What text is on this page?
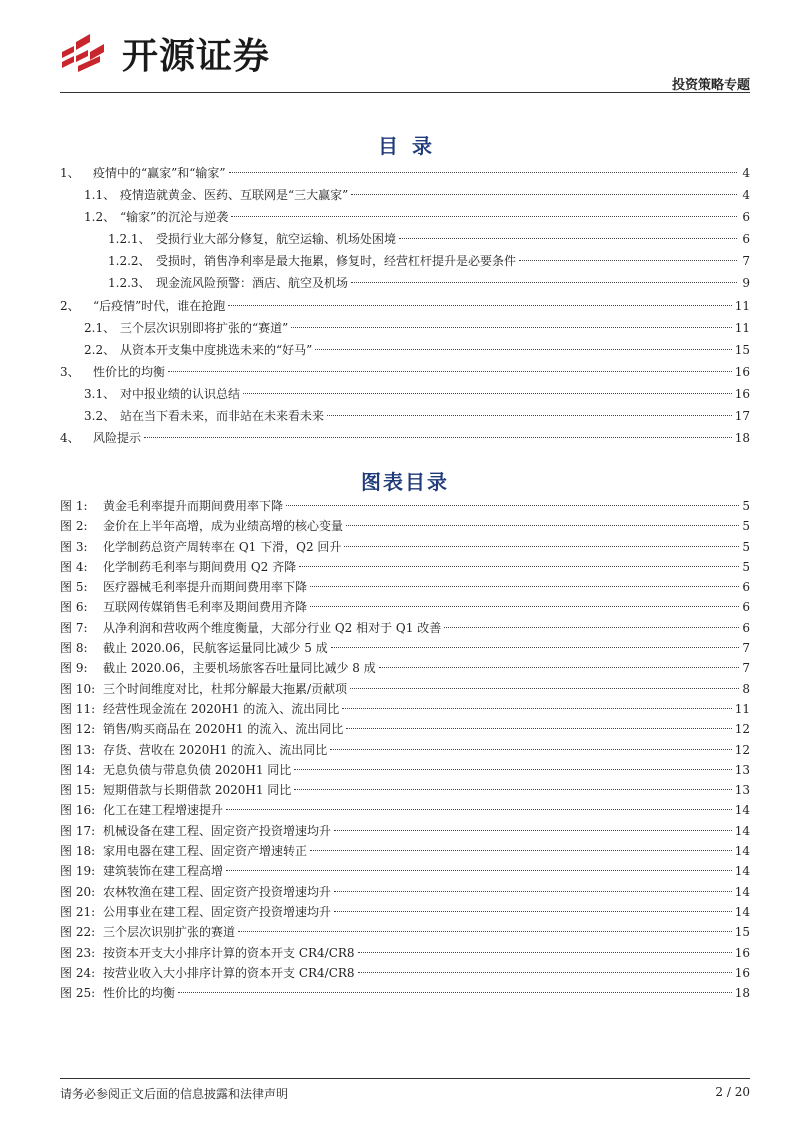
开源证券
投资策略专题
目录
1、	疫情中的“赢家”和“输家”	4
1.1、 疫情造就黄金、医药、互联网是“三大赢家”	4
1.2、 “输家”的沉沦与逆袭	6
1.2.1、 受损行业大部分修复，航空运输、机场处困境	6
1.2.2、 受损时，销售净利率是最大拖累，修复时，经营杠杆提升是必要条件	7
1.2.3、 现金流风险预警：酒店、航空及机场	9
2、	“后疫情”时代，谁在抢跑	11
2.1、 三个层次识别即将扩张的“赛道”	11
2.2、 从资本开支集中度挑选未来的“好马”	15
3、	性价比的均衡	16
3.1、 对中报业绩的认识总结	16
3.2、 站在当下看未来，而非站在未来看未来	17
4、	风险提示	18
图表目录
图 1:	黄金毛利率提升而期间费用率下降	5
图 2:	金价在上半年高增，成为业绩高增的核心变量	5
图 3:	化学制药总资产周转率在 Q1 下滑，Q2 回升	5
图 4:	化学制药毛利率与期间费用 Q2 齐降	5
图 5:	医疗器械毛利率提升而期间费用率下降	6
图 6:	互联网传媒销售毛利率及期间费用齐降	6
图 7:	从净利润和营收两个维度衡量，大部分行业 Q2 相对于 Q1 改善	6
图 8:	截止 2020.06，民航客运量同比减少 5 成	7
图 9:	截止 2020.06，主要机场旅客吞吐量同比减少 8 成	7
图 10: 三个时间维度对比，杜邦分解最大拖累/贡献项	8
图 11: 经营性现金流在 2020H1 的流入、流出同比	11
图 12: 销售/购买商品在 2020H1 的流入、流出同比	12
图 13: 存货、营收在 2020H1 的流入、流出同比	12
图 14: 无息负债与带息负债 2020H1 同比	13
图 15: 短期借款与长期借款 2020H1 同比	13
图 16: 化工在建工程增速提升	14
图 17: 机械设备在建工程、固定资产投资增速均升	14
图 18: 家用电器在建工程、固定资产增速转正	14
图 19: 建筑装饰在建工程高增	14
图 20: 农林牧渔在建工程、固定资产投资增速均升	14
图 21: 公用事业在建工程、固定资产投资增速均升	14
图 22: 三个层次识别扩张的赛道	15
图 23: 按资本开支大小排序计算的资本开支 CR4/CR8	16
图 24: 按营业收入大小排序计算的资本开支 CR4/CR8	16
图 25: 性价比的均衡	18
请务必参阅正文后面的信息披露和法律声明	2 / 20
